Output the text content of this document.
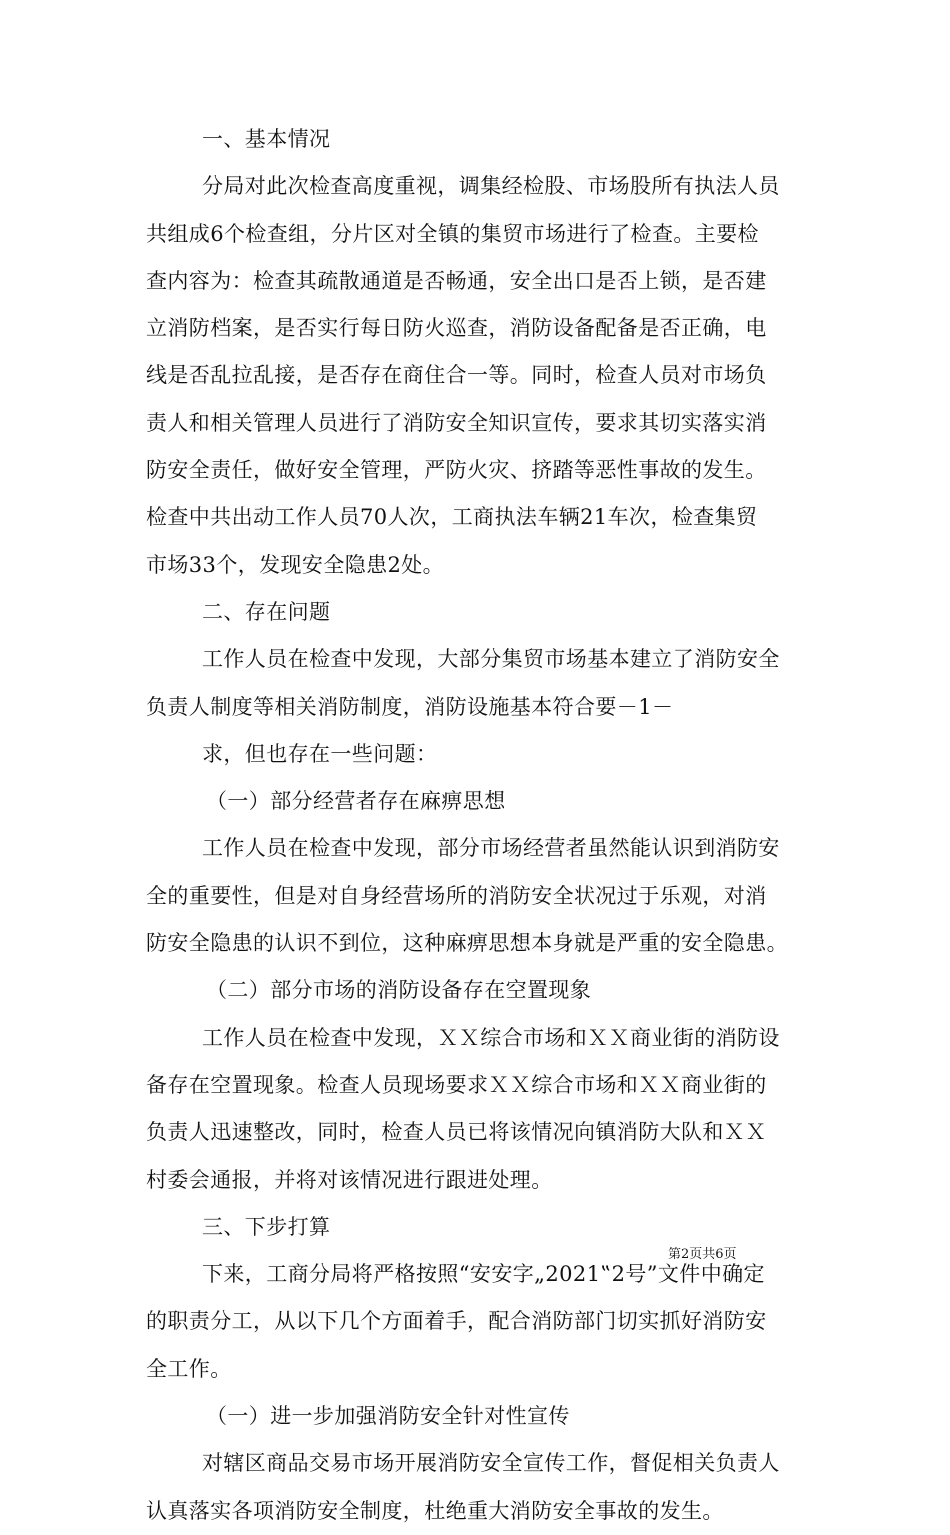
一、基本情况
分局对此次检查高度重视，调集经检股、市场股所有执法人员
共组成6个检查组，分片区对全镇的集贸市场进行了检查。主要检
查内容为：检查其疏散通道是否畅通，安全出口是否上锁，是否建
立消防档案，是否实行每日防火巡查，消防设备配备是否正确，电
线是否乱拉乱接，是否存在商住合一等。同时，检查人员对市场负
责人和相关管理人员进行了消防安全知识宣传，要求其切实落实消
防安全责任，做好安全管理，严防火灾、挤踏等恶性事故的发生。
检查中共出动工作人员70人次，工商执法车辆21车次，检查集贸
市场33个，发现安全隐患2处。
二、存在问题
工作人员在检查中发现，大部分集贸市场基本建立了消防安全
负责人制度等相关消防制度，消防设施基本符合要－1－
求，但也存在一些问题：
（一）部分经营者存在麻痹思想
工作人员在检查中发现，部分市场经营者虽然能认识到消防安
全的重要性，但是对自身经营场所的消防安全状况过于乐观，对消
防安全隐患的认识不到位，这种麻痹思想本身就是严重的安全隐患。
（二）部分市场的消防设备存在空置现象
工作人员在检查中发现，ＸＸ综合市场和ＸＸ商业街的消防设
备存在空置现象。检查人员现场要求ＸＸ综合市场和ＸＸ商业街的
负责人迅速整改，同时，检查人员已将该情况向镇消防大队和ＸＸ
村委会通报，并将对该情况进行跟进处理。
三、下步打算
下来，工商分局将严格按照“安安字„2021‟2号”文件中确定
的职责分工，从以下几个方面着手，配合消防部门切实抓好消防安
全工作。
（一）进一步加强消防安全针对性宣传
对辖区商品交易市场开展消防安全宣传工作，督促相关负责人
认真落实各项消防安全制度，杜绝重大消防安全事故的发生。
第2页共6页
